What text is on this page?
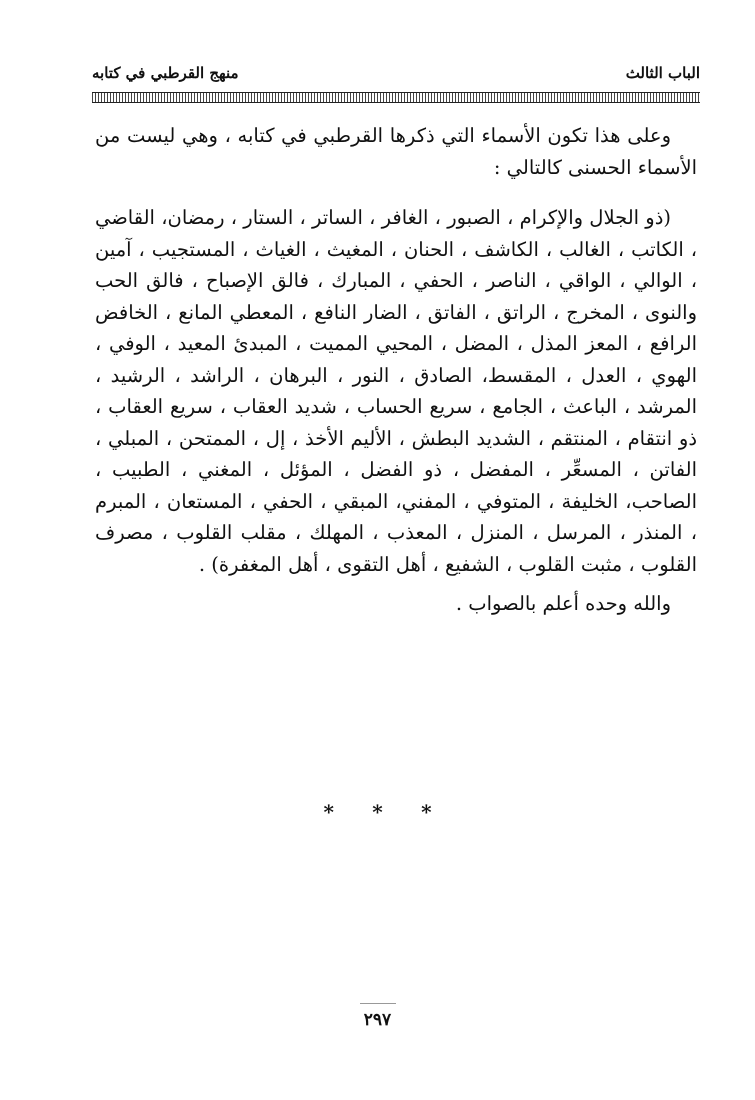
الباب الثالث
منهج القرطبي في كتابه

وعلى هذا تكون الأسماء التي ذكرها القرطبي في كتابه ، وهي ليست من الأسماء الحسنى كالتالي :

(ذو الجلال والإكرام ، الصبور ، الغافر ، الساتر ، الستار ، رمضان، القاضي ، الكاتب ، الغالب ، الكاشف ، الحنان ، المغيث ، الغياث ، المستجيب ، آمين ، الوالي ، الواقي ، الناصر ، الحفي ، المبارك ، فالق الإصباح ، فالق الحب والنوى ، المخرج ، الراتق ، الفاتق ، الضار النافع ، المعطي المانع ، الخافض الرافع ، المعز المذل ، المضل ، المحيي المميت ، المبدئ المعيد ، الوفي ، الهوي ، العدل ، المقسط، الصادق ، النور ، البرهان ، الراشد ، الرشيد ، المرشد ، الباعث ، الجامع ، سريع الحساب ، شديد العقاب ، سريع العقاب ، ذو انتقام ، المنتقم ، الشديد البطش ، الأليم الأخذ ، إل ، الممتحن ، المبلي ، الفاتن ، المسعِّر ، المفضل ، ذو الفضل ، المؤئل ، المغني ، الطبيب ، الصاحب، الخليفة ، المتوفي ، المفني، المبقي ، الحفي ، المستعان ، المبرم ، المنذر ، المرسل ، المنزل ، المعذب ، المهلك ، مقلب القلوب ، مصرف القلوب ، مثبت القلوب ، الشفيع ، أهل التقوى ، أهل المغفرة) .

والله وحده أعلم بالصواب .

* * *
٢٩٧
